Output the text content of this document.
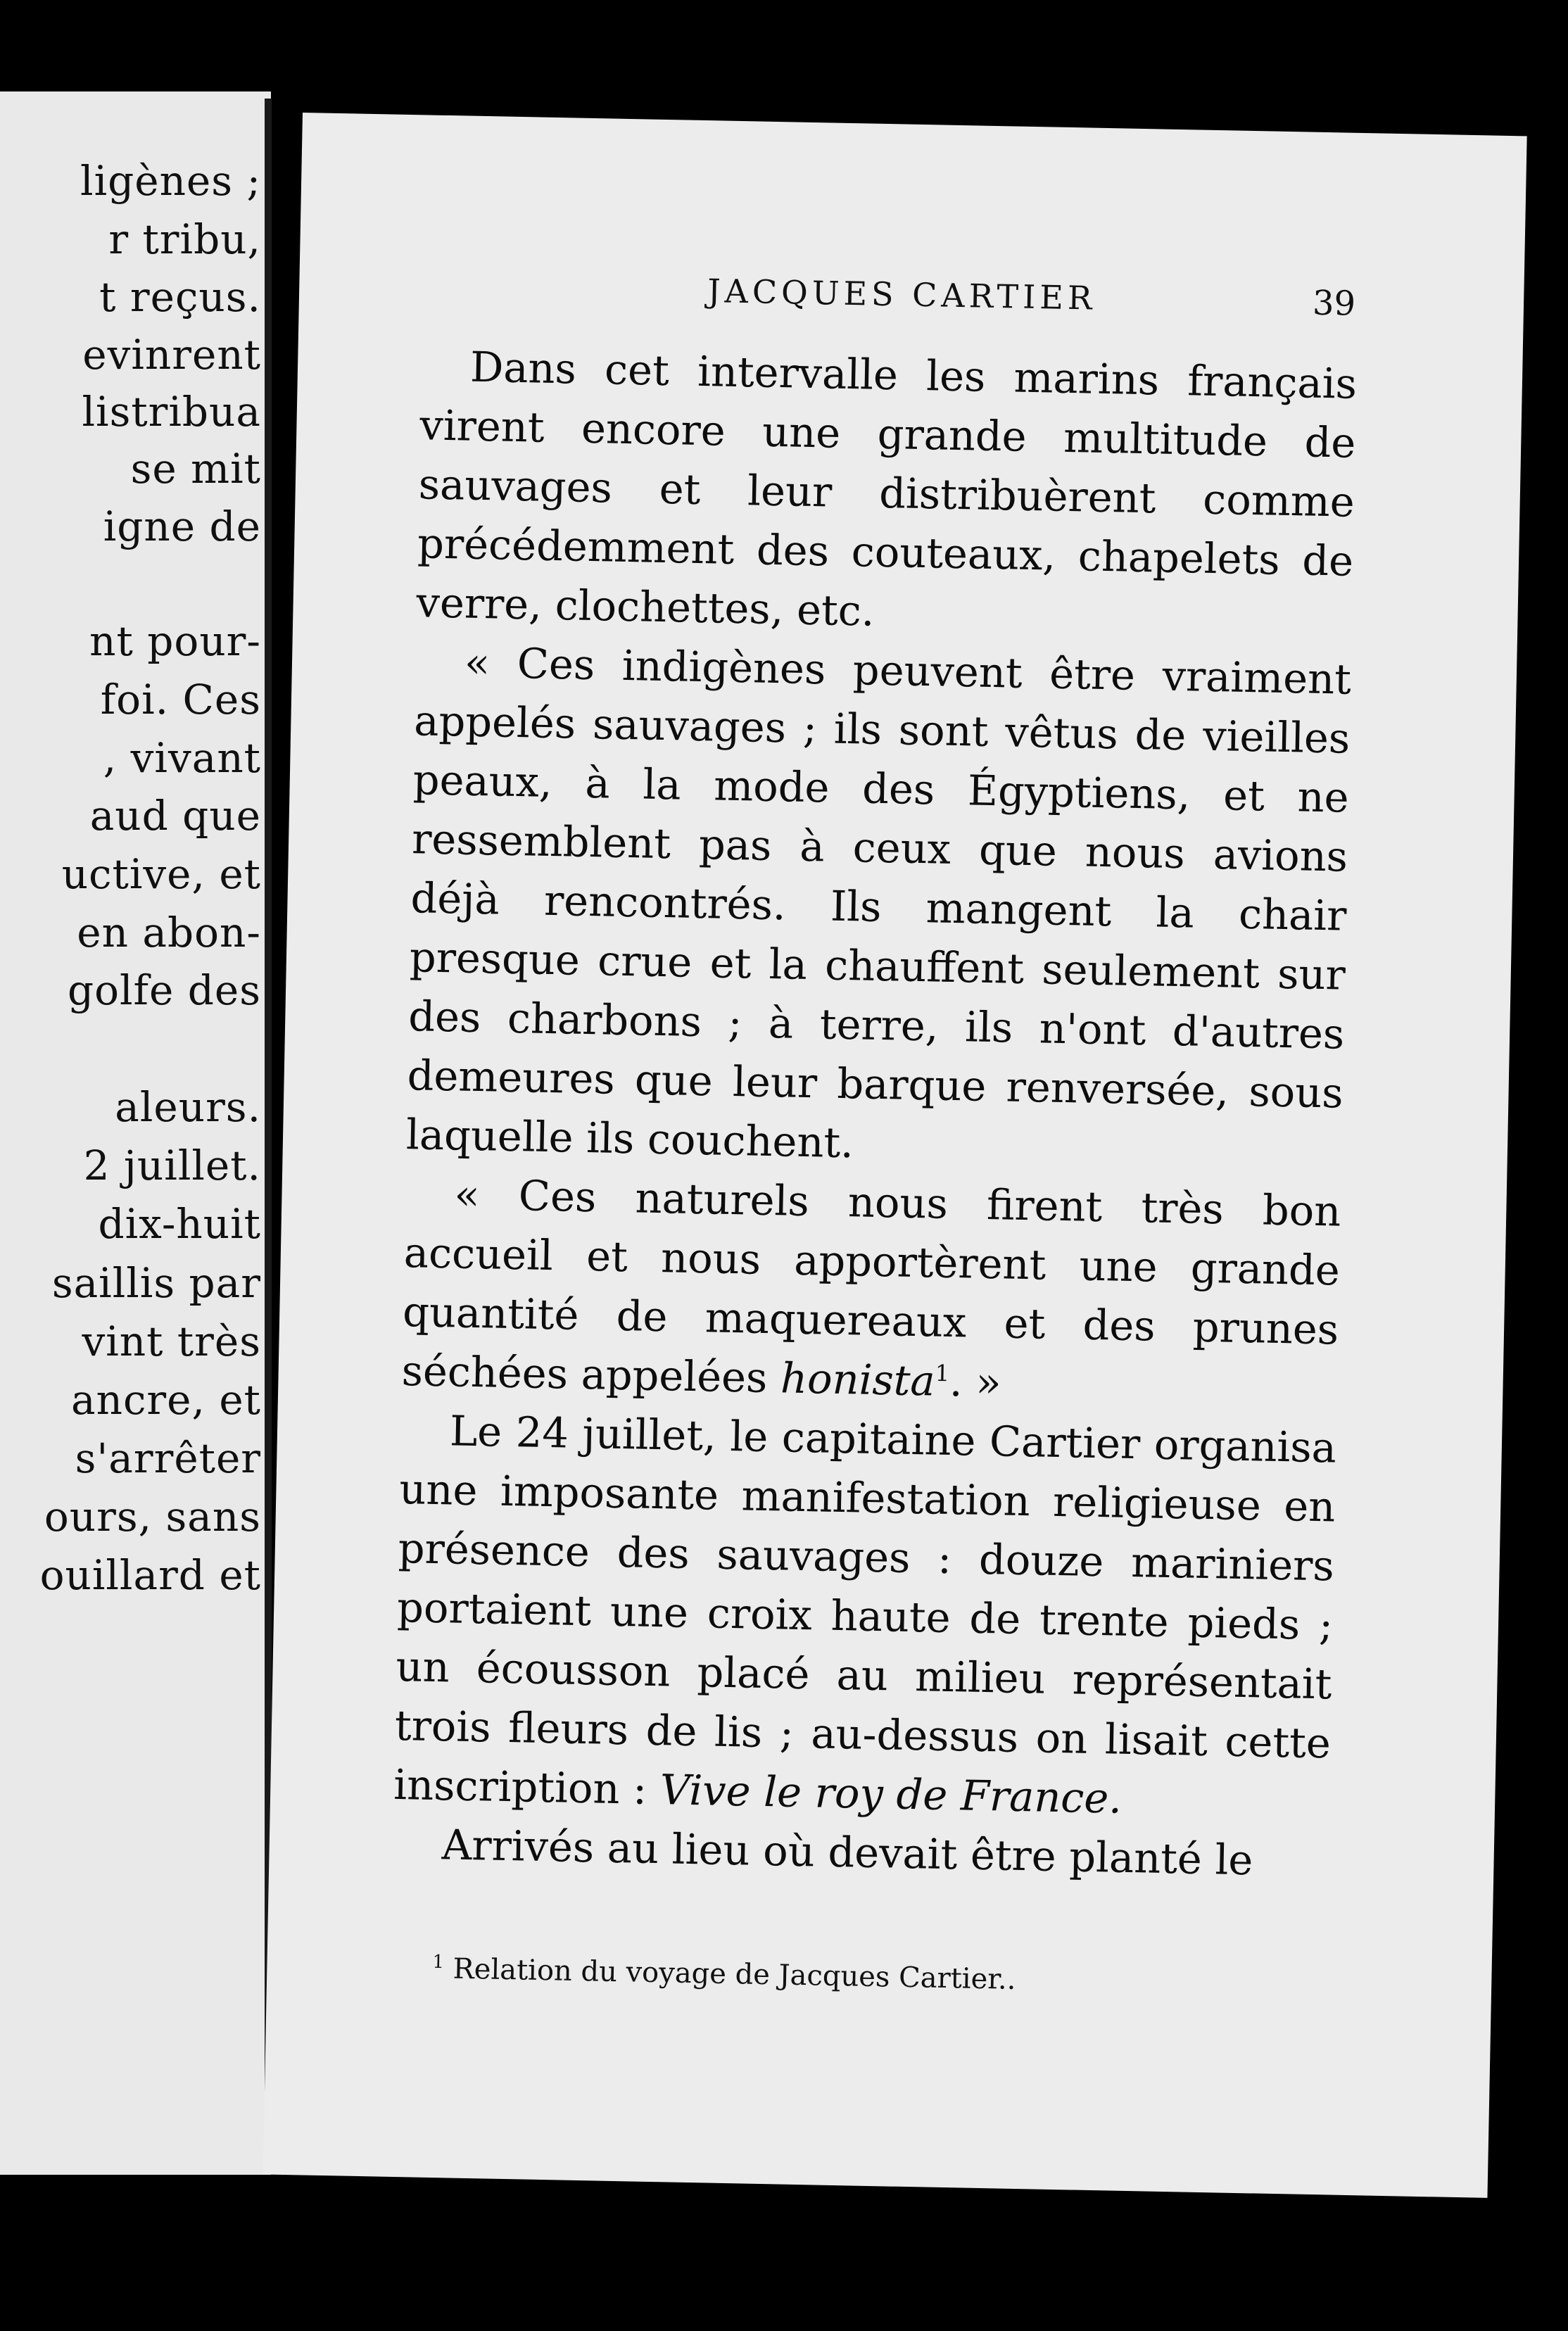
ligènes ;
r tribu,
t reçus.
evinrent
listribua
se mit
igne de
nt pour-
foi. Ces
, vivant
aud que
uctive, et
en abon-
golfe des
aleurs.
2 juillet.
dix-huit
saillis par
vint très
ancre, et
s'arrêter
ours, sans
ouillard et
JACQUES CARTIER	39

Dans cet intervalle les marins français virent encore une grande multitude de sauvages et leur distribuèrent comme précédemment des couteaux, chapelets de verre, clochettes, etc.

« Ces indigènes peuvent être vraiment appelés sauvages ; ils sont vêtus de vieilles peaux, à la mode des Égyptiens, et ne ressemblent pas à ceux que nous avions déjà rencontrés. Ils mangent la chair presque crue et la chauffent seulement sur des charbons ; à terre, ils n'ont d'autres demeures que leur barque renversée, sous laquelle ils couchent.

« Ces naturels nous firent très bon accueil et nous apportèrent une grande quantité de maquereaux et des prunes séchées appelées honista$^1$. »

Le 24 juillet, le capitaine Cartier organisa une imposante manifestation religieuse en présence des sauvages : douze mariniers portaient une croix haute de trente pieds ; un écousson placé au milieu représentait trois fleurs de lis ; au-dessus on lisait cette inscription : Vive le roy de France.

Arrivés au lieu où devait être planté le

$^1$ Relation du voyage de Jacques Cartier..
